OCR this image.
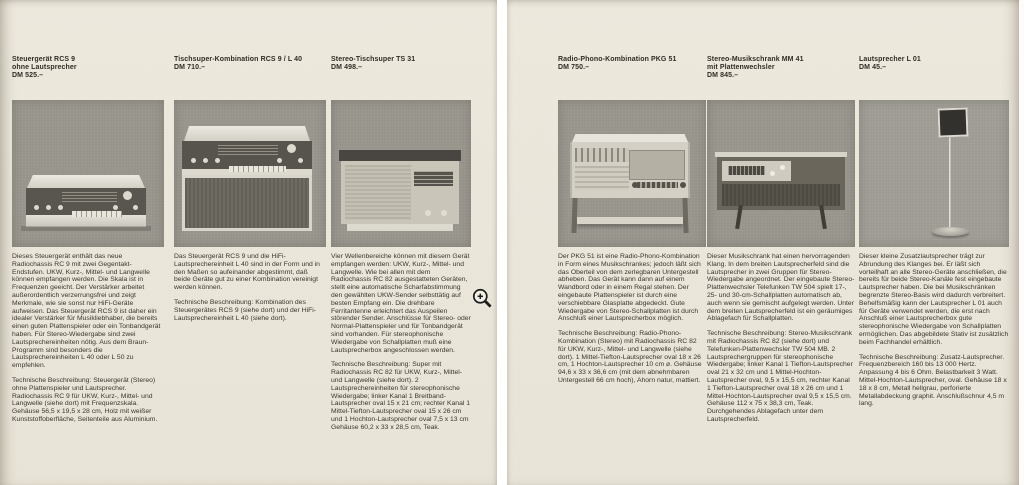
Steuergerät RCS 9
ohne Lautsprecher
DM 525.–

Dieses Steuergerät enthält das neue Radiochassis RC 9 mit zwei Gegentakt-Endstufen. UKW, Kurz-, Mittel- und Langwelle können empfangen werden. Die Skala ist in Frequenzen geeicht. Der Verstärker arbeitet außerordentlich verzerrungsfrei und zeigt Merkmale, wie sie sonst nur HiFi-Geräte aufweisen. Das Steuergerät RCS 9 ist daher ein idealer Verstärker für Musikliebhaber, die bereits einen guten Plattenspieler oder ein Tonbandgerät haben. Für Stereo-Wiedergabe sind zwei Lautsprechereinheiten nötig. Aus dem Braun-Programm sind besonders die Lautsprechereinheiten L 40 oder L 50 zu empfehlen.

Technische Beschreibung: Steuergerät (Stereo) ohne Plattenspieler und Lautsprecher. Radiochassis RC 9 für UKW, Kurz-, Mittel- und Langwelle (siehe dort) mit Frequenzskala. Gehäuse 56,5 x 19,5 x 28 cm, Holz mit weißer Kunststoffoberfläche, Seitenteile aus Aluminium.

Tischsuper-Kombination RCS 9 / L 40
DM 710.–

Das Steuergerät RCS 9 und die HiFi-Lautsprechereinheit L 40 sind in der Form und in den Maßen so aufeinander abgestimmt, daß beide Geräte gut zu einer Kombination vereinigt werden können.

Technische Beschreibung: Kombination des Steuergerätes RCS 9 (siehe dort) und der HiFi-Lautsprechereinheit L 40 (siehe dort).

Stereo-Tischsuper TS 31
DM 498.–

Vier Wellenbereiche können mit diesem Gerät empfangen werden: UKW, Kurz-, Mittel- und Langwelle. Wie bei allen mit dem Radiochassis RC 82 ausgestatteten Geräten, stellt eine automatische Scharfabstimmung den gewählten UKW-Sender selbsttätig auf besten Empfang ein. Die drehbare Ferritantenne erleichtert das Auspeilen störender Sender. Anschlüsse für Stereo- oder Normal-Plattenspieler und für Tonbandgerät sind vorhanden. Für stereophonische Wiedergabe von Schallplatten muß eine Lautsprecherbox angeschlossen werden.

Technische Beschreibung: Super mit Radiochassis RC 82 für UKW, Kurz-, Mittel- und Langwelle (siehe dort). 2 Lautsprechereinheiten für stereophonische Wiedergabe; linker Kanal 1 Breitband-Lautsprecher oval 15 x 21 cm; rechter Kanal 1 Mittel-Tiefton-Lautsprecher oval 15 x 26 cm und 1 Hochton-Lautsprecher oval 7,5 x 13 cm Gehäuse 60,2 x 33 x 28,5 cm, Teak.

Radio-Phono-Kombination PKG 51
DM 750.–

Der PKG 51 ist eine Radio-Phono-Kombination in Form eines Musikschrankes; jedoch läßt sich das Oberteil von dem zerlegbaren Untergestell abheben. Das Gerät kann dann auf einem Wandbord oder in einem Regal stehen. Der eingebaute Plattenspieler ist durch eine verschiebbare Glasplatte abgedeckt. Gute Wiedergabe von Stereo-Schallplatten ist durch Anschluß einer Lautsprecherbox möglich.

Technische Beschreibung: Radio-Phono-Kombination (Stereo) mit Radiochassis RC 82 für UKW, Kurz-, Mittel- und Langwelle (siehe dort). 1 Mittel-Tiefton-Lautsprecher oval 18 x 26 cm, 1 Hochton-Lautsprecher 10 cm ⌀. Gehäuse 94,6 x 33 x 36,6 cm (mit dem abnehmbaren Untergestell 66 cm hoch), Ahorn natur, mattiert.

Stereo-Musikschrank MM 41
mit Plattenwechsler
DM 845.–

Dieser Musikschrank hat einen hervorragenden Klang. In dem breiten Lautsprecherfeld sind die Lautsprecher in zwei Gruppen für Stereo-Wiedergabe angeordnet. Der eingebaute Stereo-Plattenwechsler Telefunken TW 504 spielt 17-, 25- und 30-cm-Schallplatten automatisch ab, auch wenn sie gemischt aufgelegt werden. Unter dem breiten Lautsprecherfeld ist ein geräumiges Ablagefach für Schallplatten.

Technische Beschreibung: Stereo-Musikschrank mit Radiochassis RC 82 (siehe dort) und Telefunken-Plattenwechsler TW 504 MB. 2 Lautsprechergruppen für stereophonische Wiedergabe; linker Kanal 1 Tiefton-Lautsprecher oval 21 x 32 cm und 1 Mittel-Hochton-Lautsprecher oval, 9,5 x 15,5 cm, rechter Kanal 1 Tiefton-Lautsprecher oval 18 x 26 cm und 1 Mittel-Hochton-Lautsprecher oval 9,5 x 15,5 cm. Gehäuse 112 x 75 x 38,3 cm, Teak. Durchgehendes Ablagefach unter dem Lautsprecherfeld.

Lautsprecher L 01
DM 45.–

Dieser kleine Zusatzlautsprecher trägt zur Abrundung des Klanges bei. Er läßt sich vorteilhaft an alle Stereo-Geräte anschließen, die bereits für beide Stereo-Kanäle fest eingebaute Lautsprecher haben. Die bei Musikschränken begrenzte Stereo-Basis wird dadurch verbreitert. Behelfsmäßig kann der Lautsprecher L 01 auch für Geräte verwendet werden, die erst nach Anschluß einer Lautsprecherbox gute stereophonische Wiedergabe von Schallplatten ermöglichen. Das abgebildete Stativ ist zusätzlich beim Fachhandel erhältlich.

Technische Beschreibung: Zusatz-Lautsprecher. Frequenzbereich 160 bis 13 000 Hertz. Anpassung 4 bis 6 Ohm. Belastbarkeit 3 Watt. Mittel-Hochton-Lautsprecher, oval. Gehäuse 18 x 18 x 8 cm, Metall hellgrau, perforierte Metallabdeckung graphit. Anschlußschnur 4,5 m lang.
